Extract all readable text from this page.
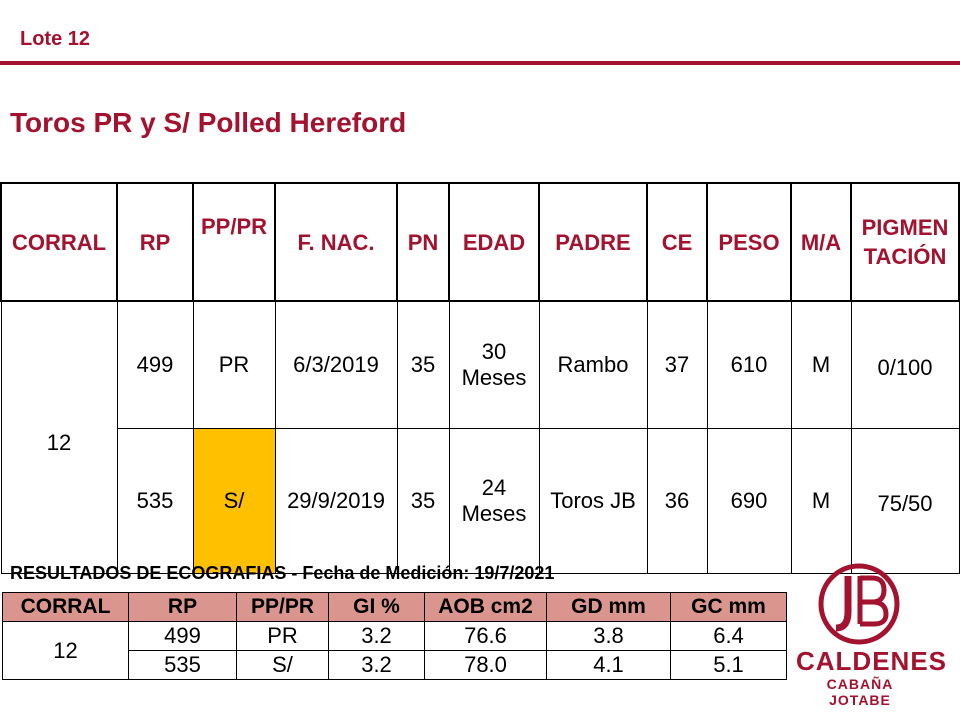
Lote 12
Toros PR y S/ Polled Hereford
CORRAL	RP	PP/PR	F. NAC.	PN	EDAD	PADRE	CE	PESO	M/A	PIGMEN TACIÓN
12	499	PR	6/3/2019	35	30 Meses	Rambo	37	610	M	0/100
	535	S/	29/9/2019	35	24 Meses	Toros JB	36	690	M	75/50
RESULTADOS DE ECOGRAFIAS - Fecha de Medición: 19/7/2021
CORRAL	RP	PP/PR	GI %	AOB cm2	GD mm	GC mm
12	499	PR	3.2	76.6	3.8	6.4
	535	S/	3.2	78.0	4.1	5.1 CALDENES
CABAÑA JOTABE
